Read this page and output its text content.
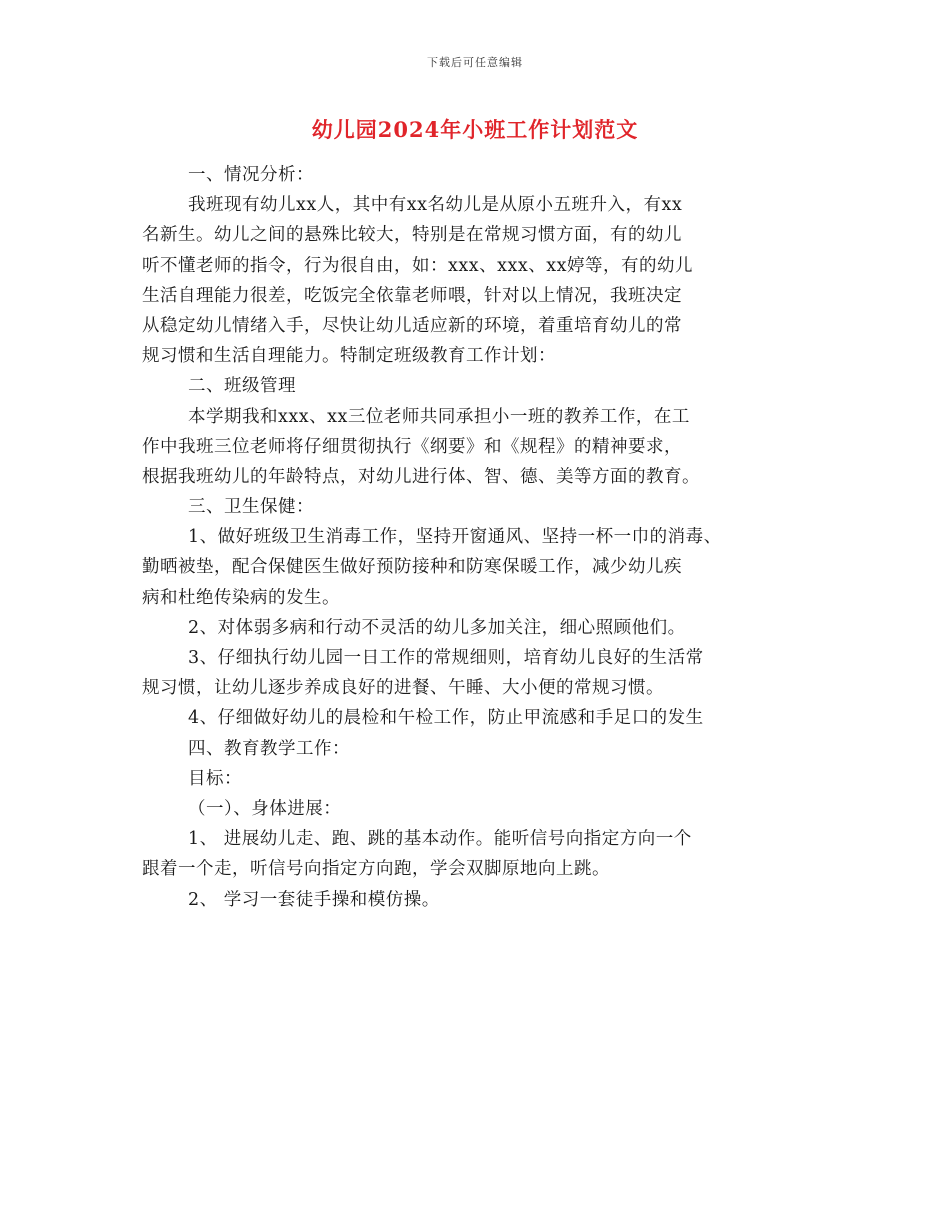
下载后可任意编辑
幼儿园2024年小班工作计划范文
一、情况分析：
我班现有幼儿xx人，其中有xx名幼儿是从原小五班升入，有xx
名新生。幼儿之间的悬殊比较大，特别是在常规习惯方面，有的幼儿
听不懂老师的指令，行为很自由，如：xxx、xxx、xx婷等，有的幼儿
生活自理能力很差，吃饭完全依靠老师喂，针对以上情况，我班决定
从稳定幼儿情绪入手，尽快让幼儿适应新的环境，着重培育幼儿的常
规习惯和生活自理能力。特制定班级教育工作计划：
二、班级管理
本学期我和xxx、xx三位老师共同承担小一班的教养工作，在工
作中我班三位老师将仔细贯彻执行《纲要》和《规程》的精神要求，
根据我班幼儿的年龄特点，对幼儿进行体、智、德、美等方面的教育。
三、卫生保健：
1、做好班级卫生消毒工作，坚持开窗通风、坚持一杯一巾的消毒、
勤晒被垫，配合保健医生做好预防接种和防寒保暖工作，减少幼儿疾
病和杜绝传染病的发生。
2、对体弱多病和行动不灵活的幼儿多加关注，细心照顾他们。
3、仔细执行幼儿园一日工作的常规细则，培育幼儿良好的生活常
规习惯，让幼儿逐步养成良好的进餐、午睡、大小便的常规习惯。
4、仔细做好幼儿的晨检和午检工作，防止甲流感和手足口的发生
四、教育教学工作：
目标：
（一）、身体进展：
1、 进展幼儿走、跑、跳的基本动作。能听信号向指定方向一个
跟着一个走，听信号向指定方向跑，学会双脚原地向上跳。
2、 学习一套徒手操和模仿操。
